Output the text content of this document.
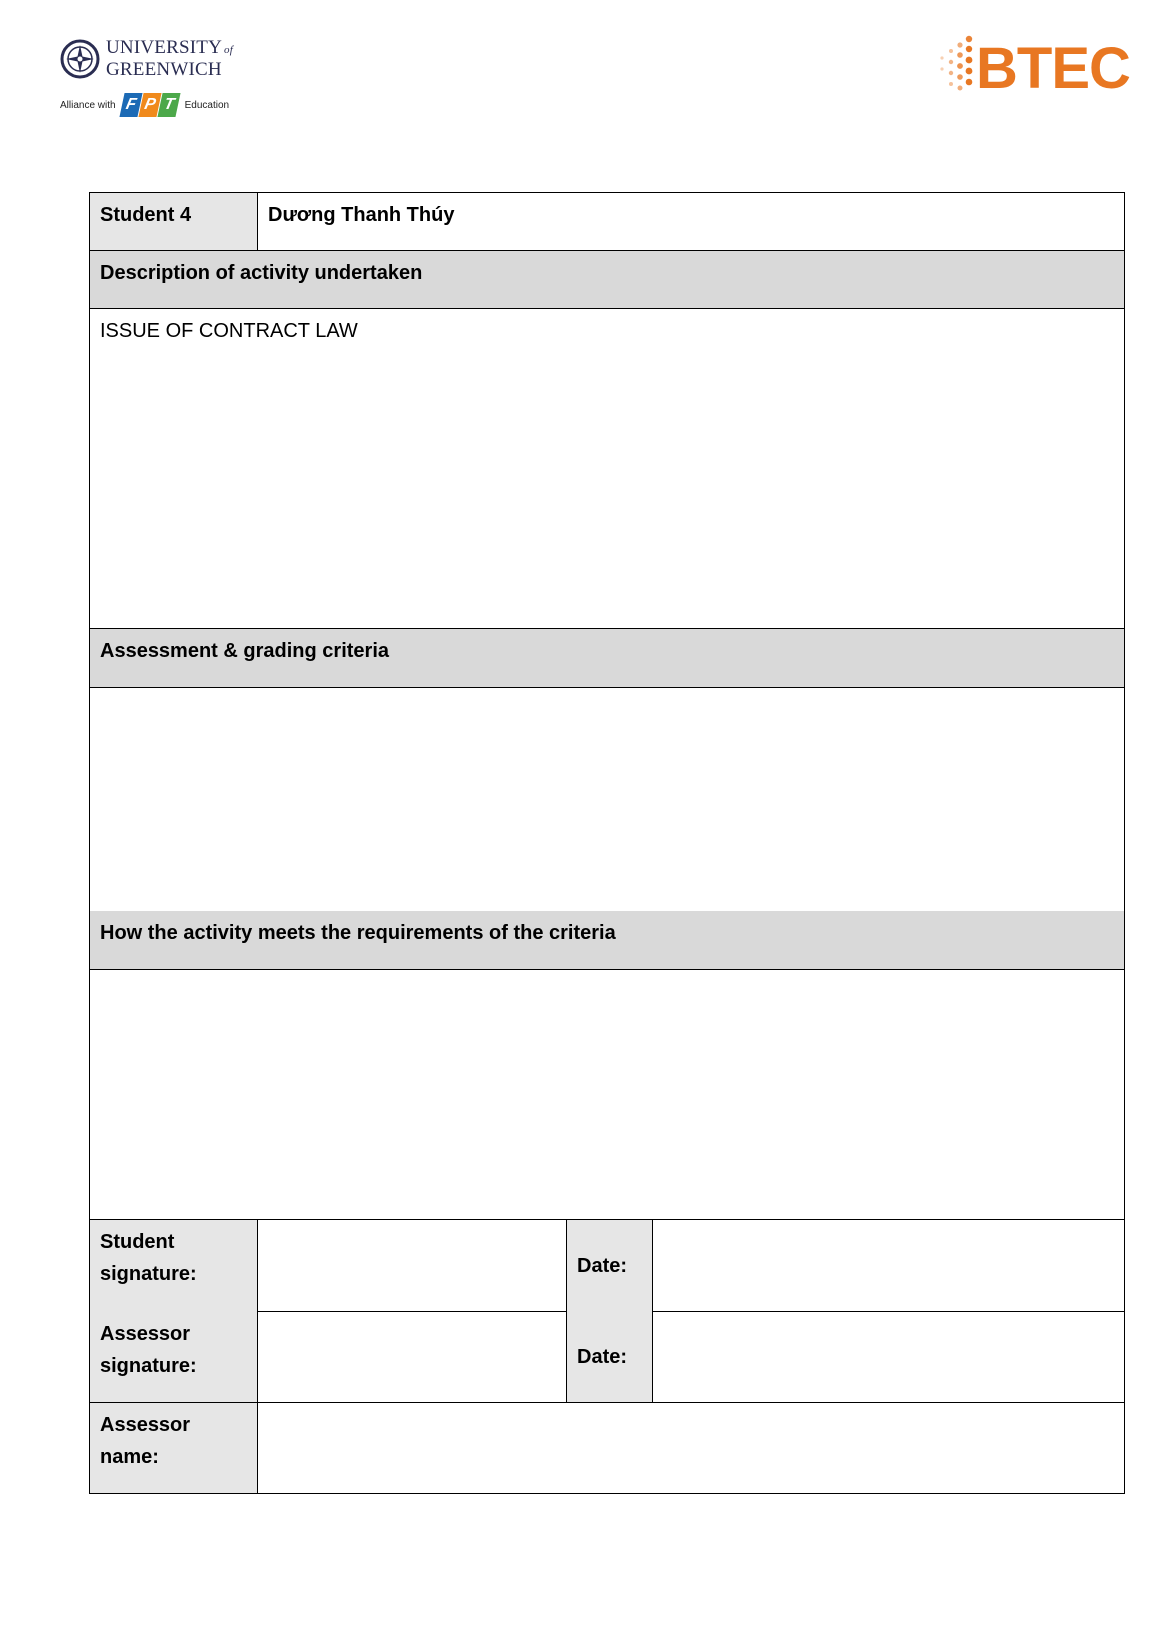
UNIVERSITY of
GREENWICH
Alliance with F P T Education
BTEC
Student 4	Dương Thanh Thúy		
Description of activity undertaken			
ISSUE OF CONTRACT LAW			
Assessment & grading criteria			

How the activity meets the requirements of the criteria			

Student signature:		Date:	
Assessor signature:		Date:	
Assessor name:			
